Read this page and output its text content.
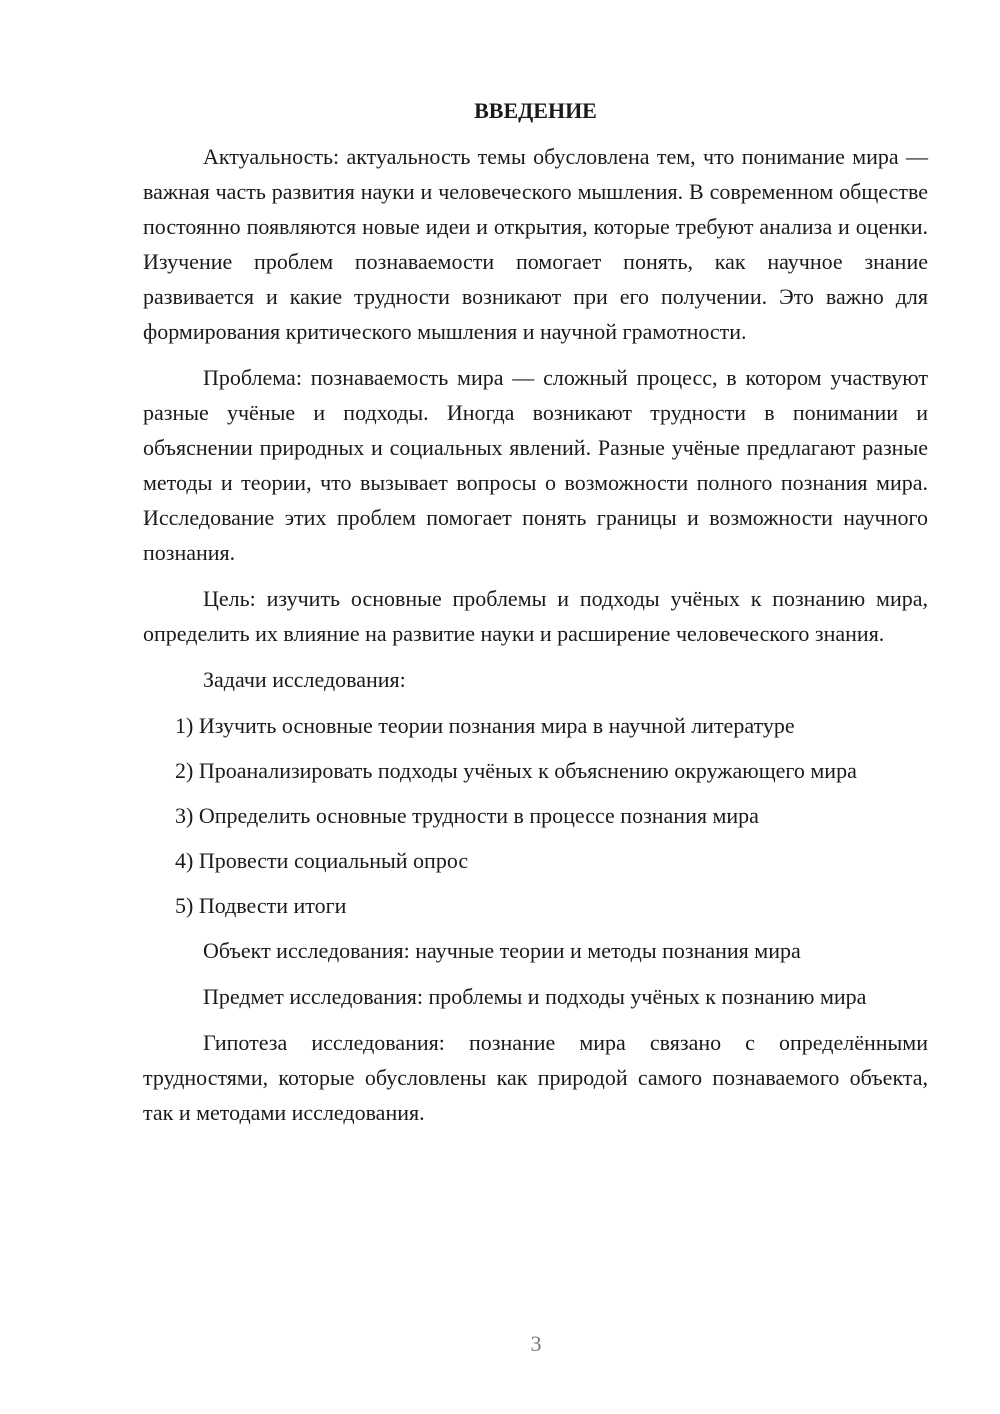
ВВЕДЕНИЕ

Актуальность: актуальность темы обусловлена тем, что понимание мира — важная часть развития науки и человеческого мышления. В современном обществе постоянно появляются новые идеи и открытия, которые требуют анализа и оценки. Изучение проблем познаваемости помогает понять, как научное знание развивается и какие трудности возникают при его получении. Это важно для формирования критического мышления и научной грамотности.

Проблема: познаваемость мира — сложный процесс, в котором участвуют разные учёные и подходы. Иногда возникают трудности в понимании и объяснении природных и социальных явлений. Разные учёные предлагают разные методы и теории, что вызывает вопросы о возможности полного познания мира. Исследование этих проблем помогает понять границы и возможности научного познания.

Цель: изучить основные проблемы и подходы учёных к познанию мира, определить их влияние на развитие науки и расширение человеческого знания.

Задачи исследования:

1) Изучить основные теории познания мира в научной литературе

2) Проанализировать подходы учёных к объяснению окружающего мира

3) Определить основные трудности в процессе познания мира

4) Провести социальный опрос

5) Подвести итоги

Объект исследования: научные теории и методы познания мира

Предмет исследования: проблемы и подходы учёных к познанию мира

Гипотеза исследования: познание мира связано с определёнными трудностями, которые обусловлены как природой самого познаваемого объекта, так и методами исследования.

3
